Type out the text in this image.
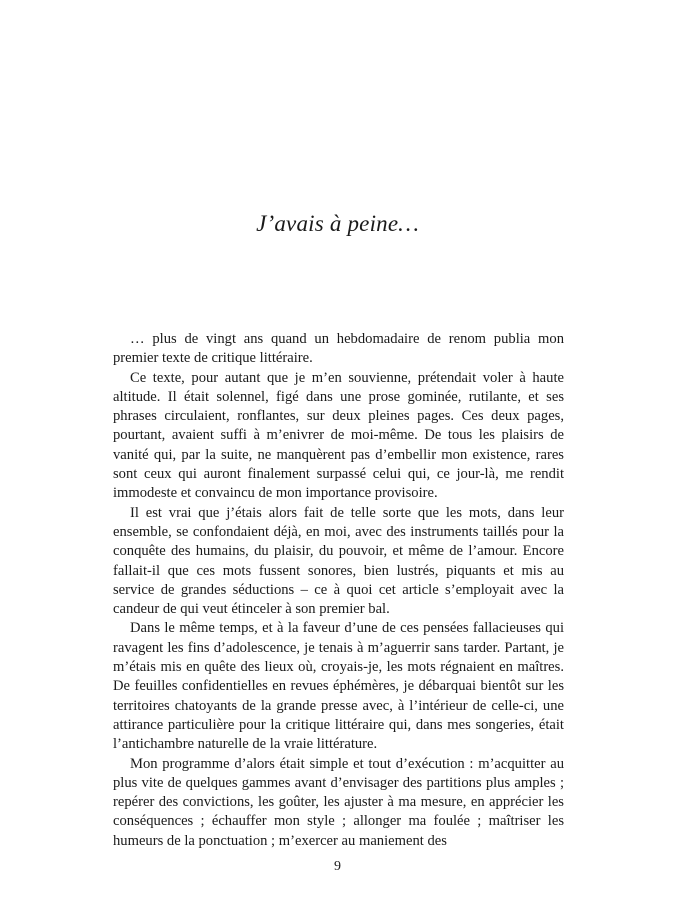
J’avais à peine…

… plus de vingt ans quand un hebdomadaire de renom publia mon premier texte de critique littéraire.

Ce texte, pour autant que je m’en souvienne, prétendait voler à haute altitude. Il était solennel, figé dans une prose gominée, rutilante, et ses phrases circulaient, ronflantes, sur deux pleines pages. Ces deux pages, pourtant, avaient suffi à m’enivrer de moi-même. De tous les plaisirs de vanité qui, par la suite, ne manquèrent pas d’embellir mon existence, rares sont ceux qui auront finalement surpassé celui qui, ce jour-là, me rendit immodeste et convaincu de mon importance provisoire.

Il est vrai que j’étais alors fait de telle sorte que les mots, dans leur ensemble, se confondaient déjà, en moi, avec des instruments taillés pour la conquête des humains, du plaisir, du pouvoir, et même de l’amour. Encore fallait-il que ces mots fussent sonores, bien lustrés, piquants et mis au service de grandes séductions – ce à quoi cet article s’employait avec la candeur de qui veut étinceler à son premier bal.

Dans le même temps, et à la faveur d’une de ces pensées fallacieuses qui ravagent les fins d’adolescence, je tenais à m’aguerrir sans tarder. Partant, je m’étais mis en quête des lieux où, croyais-je, les mots régnaient en maîtres. De feuilles confidentielles en revues éphémères, je débarquai bientôt sur les territoires chatoyants de la grande presse avec, à l’intérieur de celle-ci, une attirance particulière pour la critique littéraire qui, dans mes songeries, était l’antichambre naturelle de la vraie littérature.

Mon programme d’alors était simple et tout d’exécution : m’acquitter au plus vite de quelques gammes avant d’envisager des partitions plus amples ; repérer des convictions, les goûter, les ajuster à ma mesure, en apprécier les conséquences ; échauffer mon style ; allonger ma foulée ; maîtriser les humeurs de la ponctuation ; m’exercer au maniement des

9
